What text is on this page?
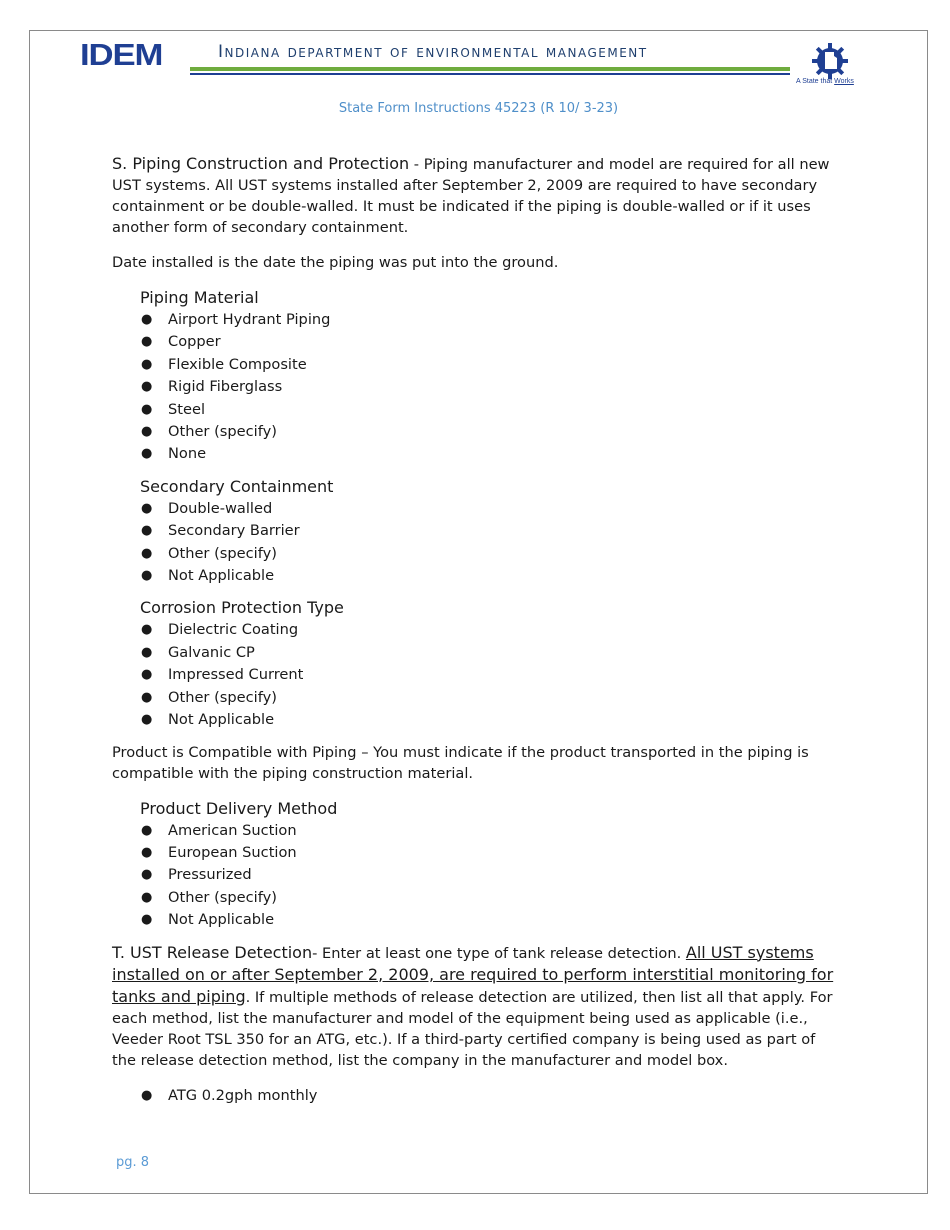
IDEM	Indiana department of environmental management
A State that Works
State Form Instructions 45223 (R 10/ 3-23)

S. Piping Construction and Protection - Piping manufacturer and model are required for all new UST systems. All UST systems installed after September 2, 2009 are required to have secondary containment or be double-walled. It must be indicated if the piping is double-walled or if it uses another form of secondary containment.

Date installed is the date the piping was put into the ground.

Piping Material

● Airport Hydrant Piping
● Copper
● Flexible Composite
● Rigid Fiberglass
● Steel
● Other (specify)
● None

Secondary Containment

● Double-walled
● Secondary Barrier
● Other (specify)
● Not Applicable

Corrosion Protection Type

● Dielectric Coating
● Galvanic CP
● Impressed Current
● Other (specify)
● Not Applicable

Product is Compatible with Piping – You must indicate if the product transported in the piping is compatible with the piping construction material.

Product Delivery Method

● American Suction
● European Suction
● Pressurized
● Other (specify)
● Not Applicable

T. UST Release Detection- Enter at least one type of tank release detection. All UST systems installed on or after September 2, 2009, are required to perform interstitial monitoring for tanks and piping. If multiple methods of release detection are utilized, then list all that apply. For each method, list the manufacturer and model of the equipment being used as applicable (i.e., Veeder Root TSL 350 for an ATG, etc.). If a third-party certified company is being used as part of the release detection method, list the company in the manufacturer and model box.

● ATG 0.2gph monthly
pg. 8
